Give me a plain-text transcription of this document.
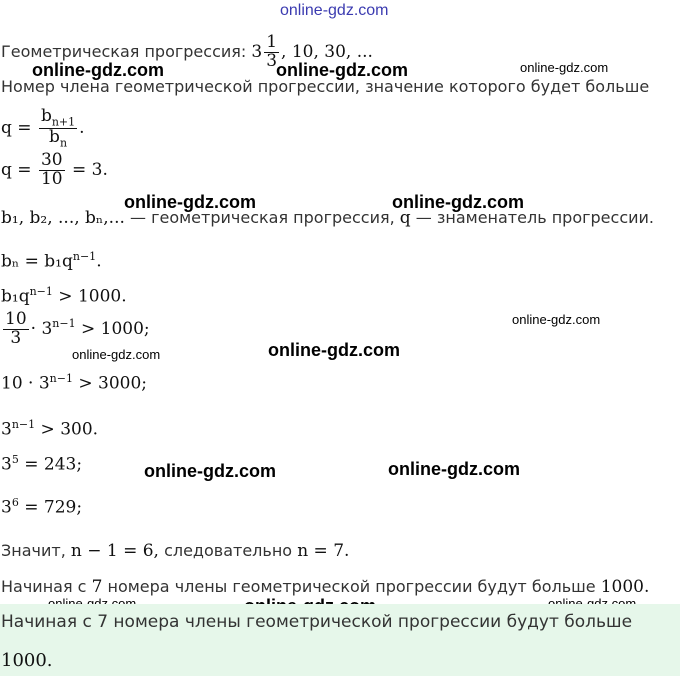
online-gdz.com
online-gdz.com	online-gdz.com	online-gdz.com
online-gdz.com	online-gdz.com
online-gdz.com
online-gdz.com	online-gdz.com
online-gdz.com	online-gdz.com
Геометрическая прогрессия: $3 \frac{1}{3}$ , 10, 30, ...
Номер члена геометрической прогрессии, значение которого будет больше
$q = \frac{b_{n+1}}{b_n}$ .
$q = \frac{30}{10} = 3$.
b₁, b₂, ..., bₙ,... — геометрическая прогрессия, q — знаменатель прогрессии.
$b_n = b_1q^{n-1}$.
$b_1q^{n-1} > 1000$.
$\frac{10}{3} \cdot 3^{n-1} > 1000$;
$10 \cdot 3^{n-1} > 3000$;
$3^{n-1} > 300$.
$3^5 = 243$;
$3^6 = 729$;
Значит, n − 1 = 6, следовательно n = 7.
Начиная с 7 номера члены геометрической прогрессии будут больше 1000.
Начиная с 7 номера члены геометрической прогрессии будут больше
1000.
